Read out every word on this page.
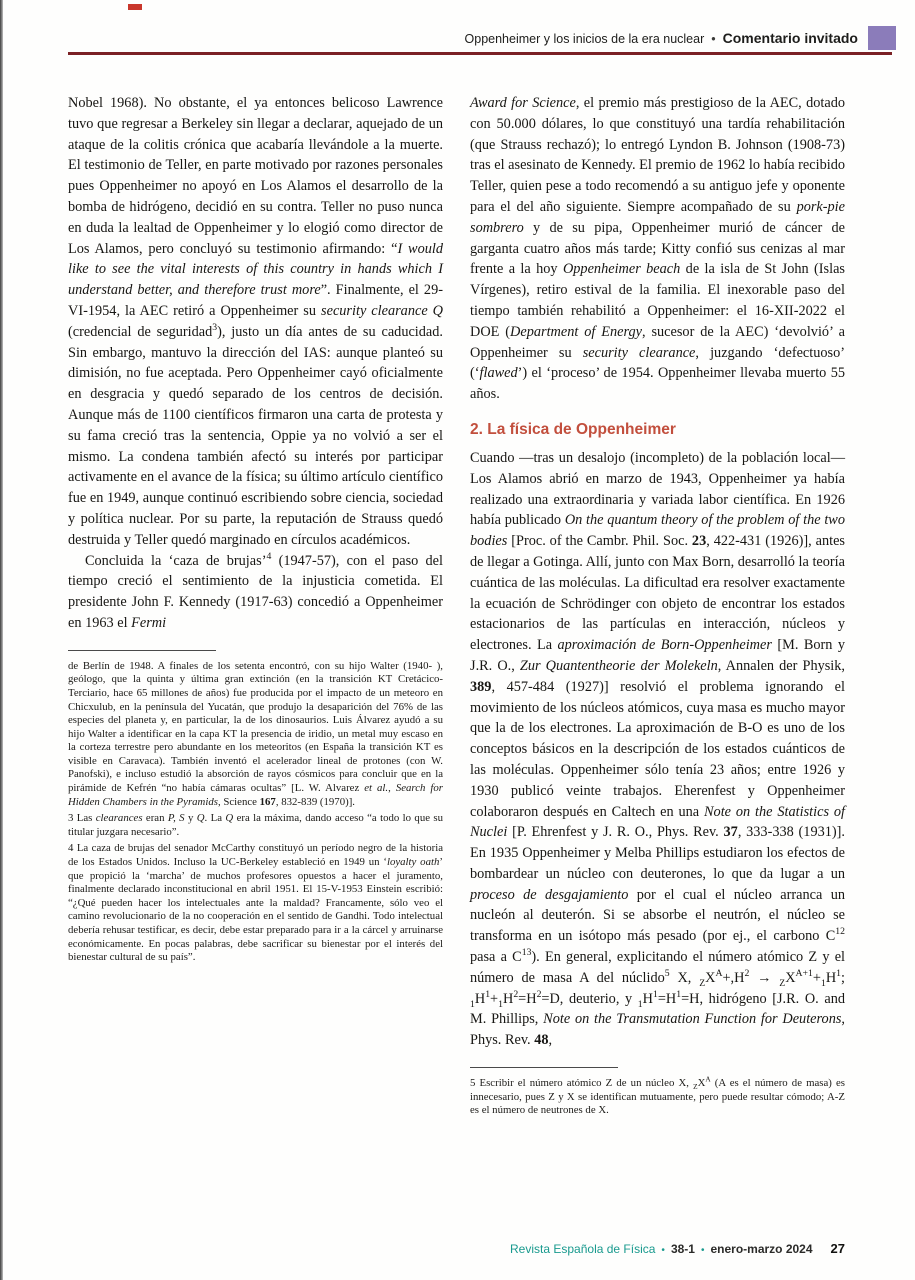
Oppenheimer y los inicios de la era nuclear • Comentario invitado

Nobel 1968). No obstante, el ya entonces belicoso Lawrence tuvo que regresar a Berkeley sin llegar a declarar, aquejado de un ataque de la colitis crónica que acabaría llevándole a la muerte. El testimonio de Teller, en parte motivado por razones personales pues Oppenheimer no apoyó en Los Alamos el desarrollo de la bomba de hidrógeno, decidió en su contra. Teller no puso nunca en duda la lealtad de Oppenheimer y lo elogió como director de Los Alamos, pero concluyó su testimonio afirmando: “I would like to see the vital interests of this country in hands which I understand better, and therefore trust more”. Finalmente, el 29-VI-1954, la AEC retiró a Oppenheimer su security clearance Q (credencial de seguridad$^3$), justo un día antes de su caducidad. Sin embargo, mantuvo la dirección del IAS: aunque planteó su dimisión, no fue aceptada. Pero Oppenheimer cayó oficialmente en desgracia y quedó separado de los centros de decisión. Aunque más de 1100 científicos firmaron una carta de protesta y su fama creció tras la sentencia, Oppie ya no volvió a ser el mismo. La condena también afectó su interés por participar activamente en el avance de la física; su último artículo científico fue en 1949, aunque continuó escribiendo sobre ciencia, sociedad y política nuclear. Por su parte, la reputación de Strauss quedó destruida y Teller quedó marginado en círculos académicos.

Concluida la ‘caza de brujas’$^4$ (1947-57), con el paso del tiempo creció el sentimiento de la injusticia cometida. El presidente John F. Kennedy (1917-63) concedió a Oppenheimer en 1963 el Fermi

de Berlín de 1948. A finales de los setenta encontró, con su hijo Walter (1940- ), geólogo, que la quinta y última gran extinción (en la transición KT Cretácico-Terciario, hace 65 millones de años) fue producida por el impacto de un meteoro en Chicxulub, en la península del Yucatán, que produjo la desaparición del 76% de las especies del planeta y, en particular, la de los dinosaurios. Luis Álvarez ayudó a su hijo Walter a identificar en la capa KT la presencia de iridio, un metal muy escaso en la corteza terrestre pero abundante en los meteoritos (en España la transición KT es visible en Caravaca). También inventó el acelerador lineal de protones (con W. Panofski), e incluso estudió la absorción de rayos cósmicos para concluir que en la pirámide de Kefrén “no había cámaras ocultas” [L. W. Alvarez et al., Search for Hidden Chambers in the Pyramids, Science 167, 832-839 (1970)].

3 Las clearances eran P, S y Q. La Q era la máxima, dando acceso “a todo lo que su titular juzgara necesario”.

4 La caza de brujas del senador McCarthy constituyó un período negro de la historia de los Estados Unidos. Incluso la UC-Berkeley estableció en 1949 un ‘loyalty oath’ que propició la ‘marcha’ de muchos profesores opuestos a hacer el juramento, finalmente declarado inconstitucional en abril 1951. El 15-V-1953 Einstein escribió: “¿Qué pueden hacer los intelectuales ante la maldad? Francamente, sólo veo el camino revolucionario de la no cooperación en el sentido de Gandhi. Todo intelectual debería rehusar testificar, es decir, debe estar preparado para ir a la cárcel y arruinarse económicamente. En pocas palabras, debe sacrificar su bienestar por el interés del bienestar cultural de su país”.

Award for Science, el premio más prestigioso de la AEC, dotado con 50.000 dólares, lo que constituyó una tardía rehabilitación (que Strauss rechazó); lo entregó Lyndon B. Johnson (1908-73) tras el asesinato de Kennedy. El premio de 1962 lo había recibido Teller, quien pese a todo recomendó a su antiguo jefe y oponente para el del año siguiente. Siempre acompañado de su pork-pie sombrero y de su pipa, Oppenheimer murió de cáncer de garganta cuatro años más tarde; Kitty confió sus cenizas al mar frente a la hoy Oppenheimer beach de la isla de St John (Islas Vírgenes), retiro estival de la familia. El inexorable paso del tiempo también rehabilitó a Oppenheimer: el 16-XII-2022 el DOE (Department of Energy, sucesor de la AEC) ‘devolvió’ a Oppenheimer su security clearance, juzgando ‘defectuoso’ (‘flawed’) el ‘proceso’ de 1954. Oppenheimer llevaba muerto 55 años.

2. La física de Oppenheimer

Cuando —tras un desalojo (incompleto) de la población local— Los Alamos abrió en marzo de 1943, Oppenheimer ya había realizado una extraordinaria y variada labor científica. En 1926 había publicado On the quantum theory of the problem of the two bodies [Proc. of the Cambr. Phil. Soc. 23, 422-431 (1926)], antes de llegar a Gotinga. Allí, junto con Max Born, desarrolló la teoría cuántica de las moléculas. La dificultad era resolver exactamente la ecuación de Schrödinger con objeto de encontrar los estados estacionarios de las partículas en interacción, núcleos y electrones. La aproximación de Born-Oppenheimer [M. Born y J.R. O., Zur Quantentheorie der Molekeln, Annalen der Physik, 389, 457-484 (1927)] resolvió el problema ignorando el movimiento de los núcleos atómicos, cuya masa es mucho mayor que la de los electrones. La aproximación de B-O es uno de los conceptos básicos en la descripción de los estados cuánticos de las moléculas. Oppenheimer sólo tenía 23 años; entre 1926 y 1930 publicó veinte trabajos. Eherenfest y Oppenheimer colaboraron después en Caltech en una Note on the Statistics of Nuclei [P. Ehrenfest y J. R. O., Phys. Rev. 37, 333-338 (1931)]. En 1935 Oppenheimer y Melba Phillips estudiaron los efectos de bombardear un núcleo con deuterones, lo que da lugar a un proceso de desgajamiento por el cual el núcleo arranca un nucleón al deuterón. Si se absorbe el neutrón, el núcleo se transforma en un isótopo más pesado (por ej., el carbono $C^{12}$ pasa a $C^{13}$). En general, explicitando el número atómico Z y el número de masa A del núclido$^5$ X, $_ZX^A+,H^2 \to _ZX^{A+1}+_1H^1$; $_1H^1+_1H^2=H^2=D$, deuterio, y $_1H^1=H^1=H$, hidrógeno [J.R. O. and M. Phillips, Note on the Transmutation Function for Deuterons, Phys. Rev. 48,

5 Escribir el número atómico Z de un núcleo X, $_ZX^A$ (A es el número de masa) es innecesario, pues Z y X se identifican mutuamente, pero puede resultar cómodo; A-Z es el número de neutrones de X.

Revista Española de Física • 38-1 • enero-marzo 2024 27
